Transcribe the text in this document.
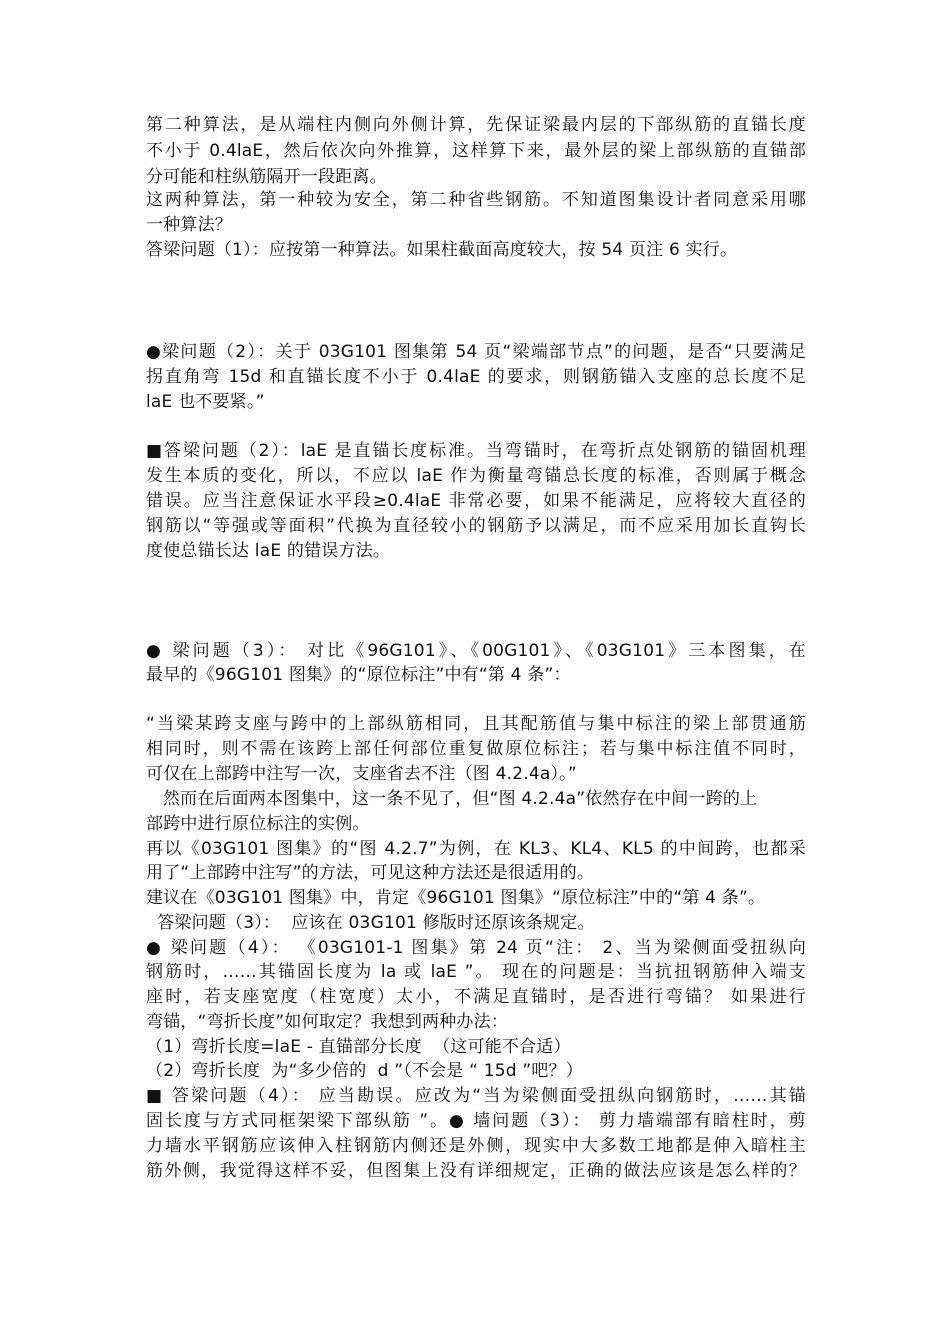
第二种算法，是从端柱内侧向外侧计算，先保证梁最内层的下部纵筋的直锚长度
不小于 0.4laE，然后依次向外推算，这样算下来，最外层的梁上部纵筋的直锚部
分可能和柱纵筋隔开一段距离。
这两种算法，第一种较为安全，第二种省些钢筋。不知道图集设计者同意采用哪
一种算法？
答梁问题（1）：应按第一种算法。如果柱截面高度较大，按 54 页注 6 实行。
●梁问题（2）：关于 03G101 图集第 54 页“梁端部节点”的问题，是否“只要满足
拐直角弯 15d 和直锚长度不小于 0.4laE 的要求，则钢筋锚入支座的总长度不足
laE 也不要紧。”
■答梁问题（2）：laE 是直锚长度标准。当弯锚时，在弯折点处钢筋的锚固机理
发生本质的变化，所以，不应以 laE 作为衡量弯锚总长度的标准，否则属于概念
错误。应当注意保证水平段≥0.4laE 非常必要，如果不能满足，应将较大直径的
钢筋以“等强或等面积”代换为直径较小的钢筋予以满足，而不应采用加长直钩长
度使总锚长达 laE 的错误方法。
● 梁问题（3）： 对比《96G101》、《00G101》、《03G101》三本图集，在
最早的《96G101 图集》的“原位标注”中有“第 4 条”：
“当梁某跨支座与跨中的上部纵筋相同，且其配筋值与集中标注的梁上部贯通筋
相同时，则不需在该跨上部任何部位重复做原位标注；若与集中标注值不同时，
可仅在上部跨中注写一次，支座省去不注（图 4.2.4a）。”
然而在后面两本图集中，这一条不见了，但“图 4.2.4a”依然存在中间一跨的上
部跨中进行原位标注的实例。
再以《03G101 图集》的“图 4.2.7”为例，在 KL3、KL4、KL5 的中间跨，也都采
用了“上部跨中注写”的方法，可见这种方法还是很适用的。
建议在《03G101 图集》中，肯定《96G101 图集》“原位标注”中的“第 4 条”。
答梁问题（3）：  应该在 03G101 修版时还原该条规定。
● 梁问题（4）： 《03G101-1 图集》第 24 页“注： 2、当为梁侧面受扭纵向
钢筋时，……其锚固长度为 la 或 laE ”。 现在的问题是：当抗扭钢筋伸入端支
座时，若支座宽度（柱宽度）太小，不满足直锚时，是否进行弯锚？ 如果进行
弯锚，“弯折长度”如何取定？我想到两种办法：
（1）弯折长度=laE - 直锚部分长度  （这可能不合适）
（2）弯折长度  为“多少倍的  d ”（不会是 “ 15d ”吧？）
■ 答梁问题（4）： 应当勘误。应改为“当为梁侧面受扭纵向钢筋时，……其锚
固长度与方式同框架梁下部纵筋 ”。● 墙问题（3）： 剪力墙端部有暗柱时，剪
力墙水平钢筋应该伸入柱钢筋内侧还是外侧，现实中大多数工地都是伸入暗柱主
筋外侧，我觉得这样不妥，但图集上没有详细规定，正确的做法应该是怎么样的？
